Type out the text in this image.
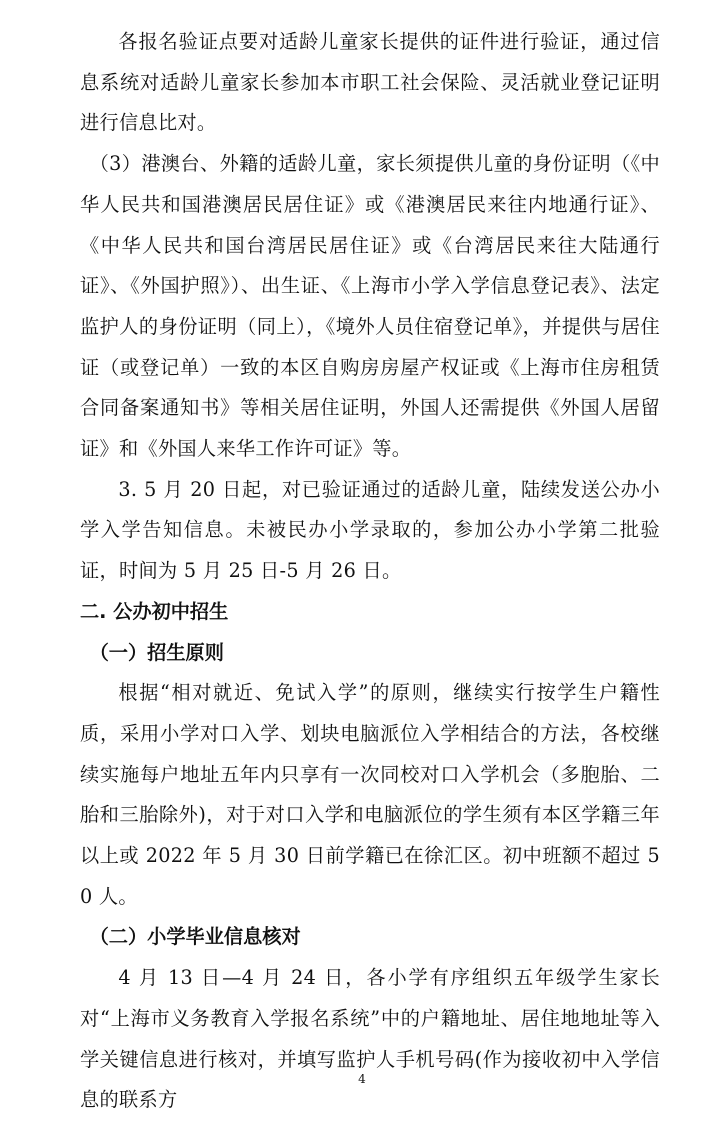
各报名验证点要对适龄儿童家长提供的证件进行验证，通过信息系统对适龄儿童家长参加本市职工社会保险、灵活就业登记证明进行信息比对。

（3）港澳台、外籍的适龄儿童，家长须提供儿童的身份证明（《中华人民共和国港澳居民居住证》或《港澳居民来往内地通行证》、《中华人民共和国台湾居民居住证》或《台湾居民来往大陆通行证》、《外国护照》）、出生证、《上海市小学入学信息登记表》、法定监护人的身份证明（同上），《境外人员住宿登记单》，并提供与居住证（或登记单）一致的本区自购房房屋产权证或《上海市住房租赁合同备案通知书》等相关居住证明，外国人还需提供《外国人居留证》和《外国人来华工作许可证》等。

3. 5 月 20 日起，对已验证通过的适龄儿童，陆续发送公办小学入学告知信息。未被民办小学录取的，参加公办小学第二批验证，时间为 5 月 25 日-5 月 26 日。

二. 公办初中招生

（一）招生原则

根据“相对就近、免试入学”的原则，继续实行按学生户籍性质，采用小学对口入学、划块电脑派位入学相结合的方法，各校继续实施每户地址五年内只享有一次同校对口入学机会（多胞胎、二胎和三胎除外)，对于对口入学和电脑派位的学生须有本区学籍三年以上或 2022 年 5 月 30 日前学籍已在徐汇区。初中班额不超过 50 人。

（二）小学毕业信息核对

4 月 13 日—4 月 24 日，各小学有序组织五年级学生家长对“上海市义务教育入学报名系统”中的户籍地址、居住地地址等入学关键信息进行核对，并填写监护人手机号码(作为接收初中入学信息的联系方

4
